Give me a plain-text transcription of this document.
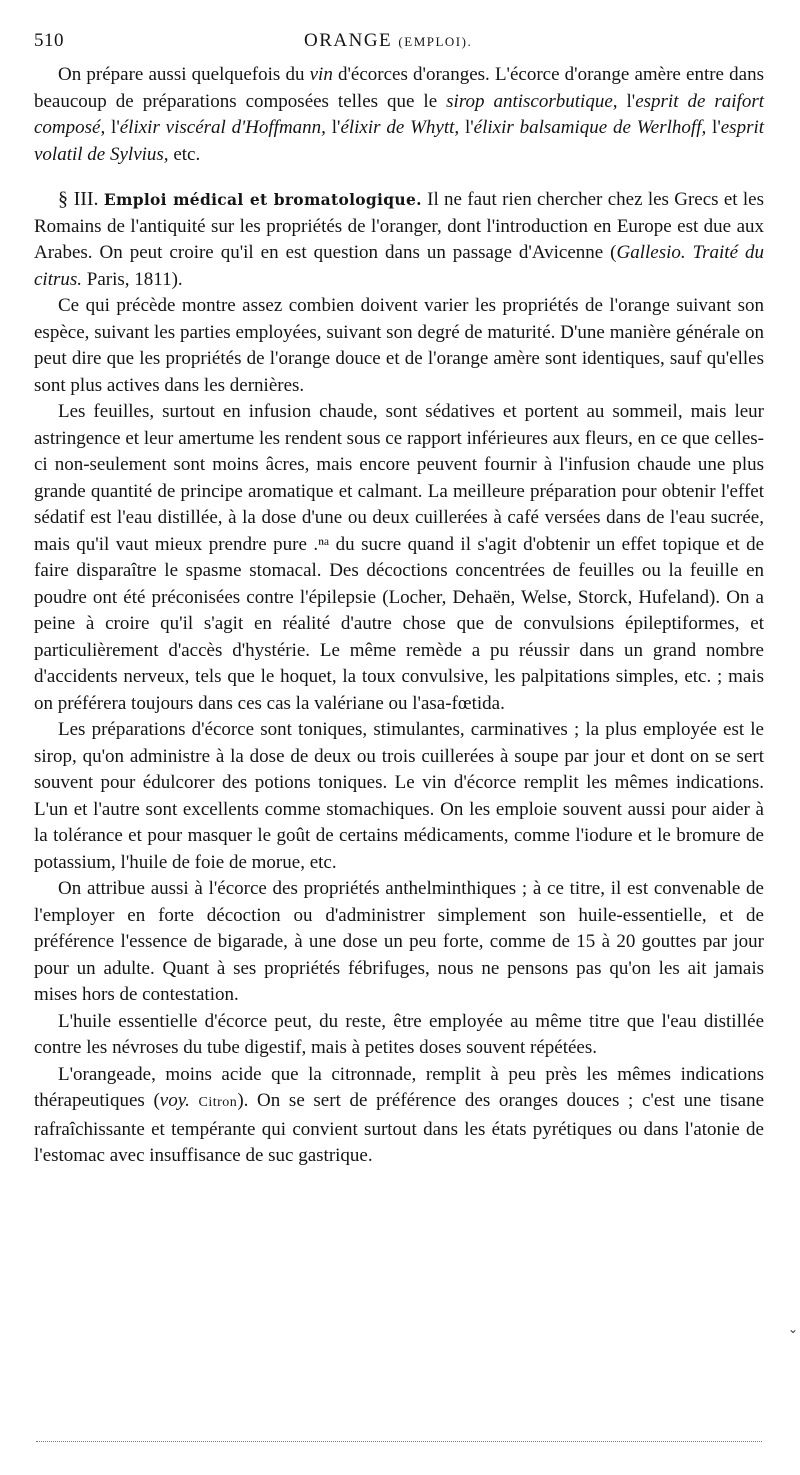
510	ORANGE (EMPLOI).

On prépare aussi quelquefois du vin d'écorces d'oranges. L'écorce d'orange amère entre dans beaucoup de préparations composées telles que le sirop antiscorbutique, l'esprit de raifort composé, l'élixir viscéral d'Hoffmann, l'élixir de Whytt, l'élixir balsamique de Werlhoff, l'esprit volatil de Sylvius, etc.

§ III. Emploi médical et bromatologique. Il ne faut rien chercher chez les Grecs et les Romains de l'antiquité sur les propriétés de l'oranger, dont l'introduction en Europe est due aux Arabes. On peut croire qu'il en est question dans un passage d'Avicenne (Gallesio. Traité du citrus. Paris, 1811).

Ce qui précède montre assez combien doivent varier les propriétés de l'orange suivant son espèce, suivant les parties employées, suivant son degré de maturité. D'une manière générale on peut dire que les propriétés de l'orange douce et de l'orange amère sont identiques, sauf qu'elles sont plus actives dans les dernières.

Les feuilles, surtout en infusion chaude, sont sédatives et portent au sommeil, mais leur astringence et leur amertume les rendent sous ce rapport inférieures aux fleurs, en ce que celles-ci non-seulement sont moins âcres, mais encore peuvent fournir à l'infusion chaude une plus grande quantité de principe aromatique et calmant. La meilleure préparation pour obtenir l'effet sédatif est l'eau distillée, à la dose d'une ou deux cuillerées à café versées dans de l'eau sucrée, mais qu'il vaut mieux prendre pure .ⁿᵃ du sucre quand il s'agit d'obtenir un effet topique et de faire disparaître le spasme stomacal. Des décoctions concentrées de feuilles ou la feuille en poudre ont été préconisées contre l'épilepsie (Locher, Dehaën, Welse, Storck, Hufeland). On a peine à croire qu'il s'agit en réalité d'autre chose que de convulsions épileptiformes, et particulièrement d'accès d'hystérie. Le même remède a pu réussir dans un grand nombre d'accidents nerveux, tels que le hoquet, la toux convulsive, les palpitations simples, etc. ; mais on préférera toujours dans ces cas la valériane ou l'asa-fœtida.

Les préparations d'écorce sont toniques, stimulantes, carminatives ; la plus employée est le sirop, qu'on administre à la dose de deux ou trois cuillerées à soupe par jour et dont on se sert souvent pour édulcorer des potions toniques. Le vin d'écorce remplit les mêmes indications. L'un et l'autre sont excellents comme stomachiques. On les emploie souvent aussi pour aider à la tolérance et pour masquer le goût de certains médicaments, comme l'iodure et le bromure de potassium, l'huile de foie de morue, etc.

On attribue aussi à l'écorce des propriétés anthelminthiques ; à ce titre, il est convenable de l'employer en forte décoction ou d'administrer simplement son huile-essentielle, et de préférence l'essence de bigarade, à une dose un peu forte, comme de 15 à 20 gouttes par jour pour un adulte. Quant à ses propriétés fébrifuges, nous ne pensons pas qu'on les ait jamais mises hors de contestation.

L'huile essentielle d'écorce peut, du reste, être employée au même titre que l'eau distillée contre les névroses du tube digestif, mais à petites doses souvent répétées.

L'orangeade, moins acide que la citronnade, remplit à peu près les mêmes indications thérapeutiques (voy. Citron). On se sert de préférence des oranges douces ; c'est une tisane rafraîchissante et tempérante qui convient surtout dans les états pyrétiques ou dans l'atonie de l'estomac avec insuffisance de suc gastrique.

⌄
